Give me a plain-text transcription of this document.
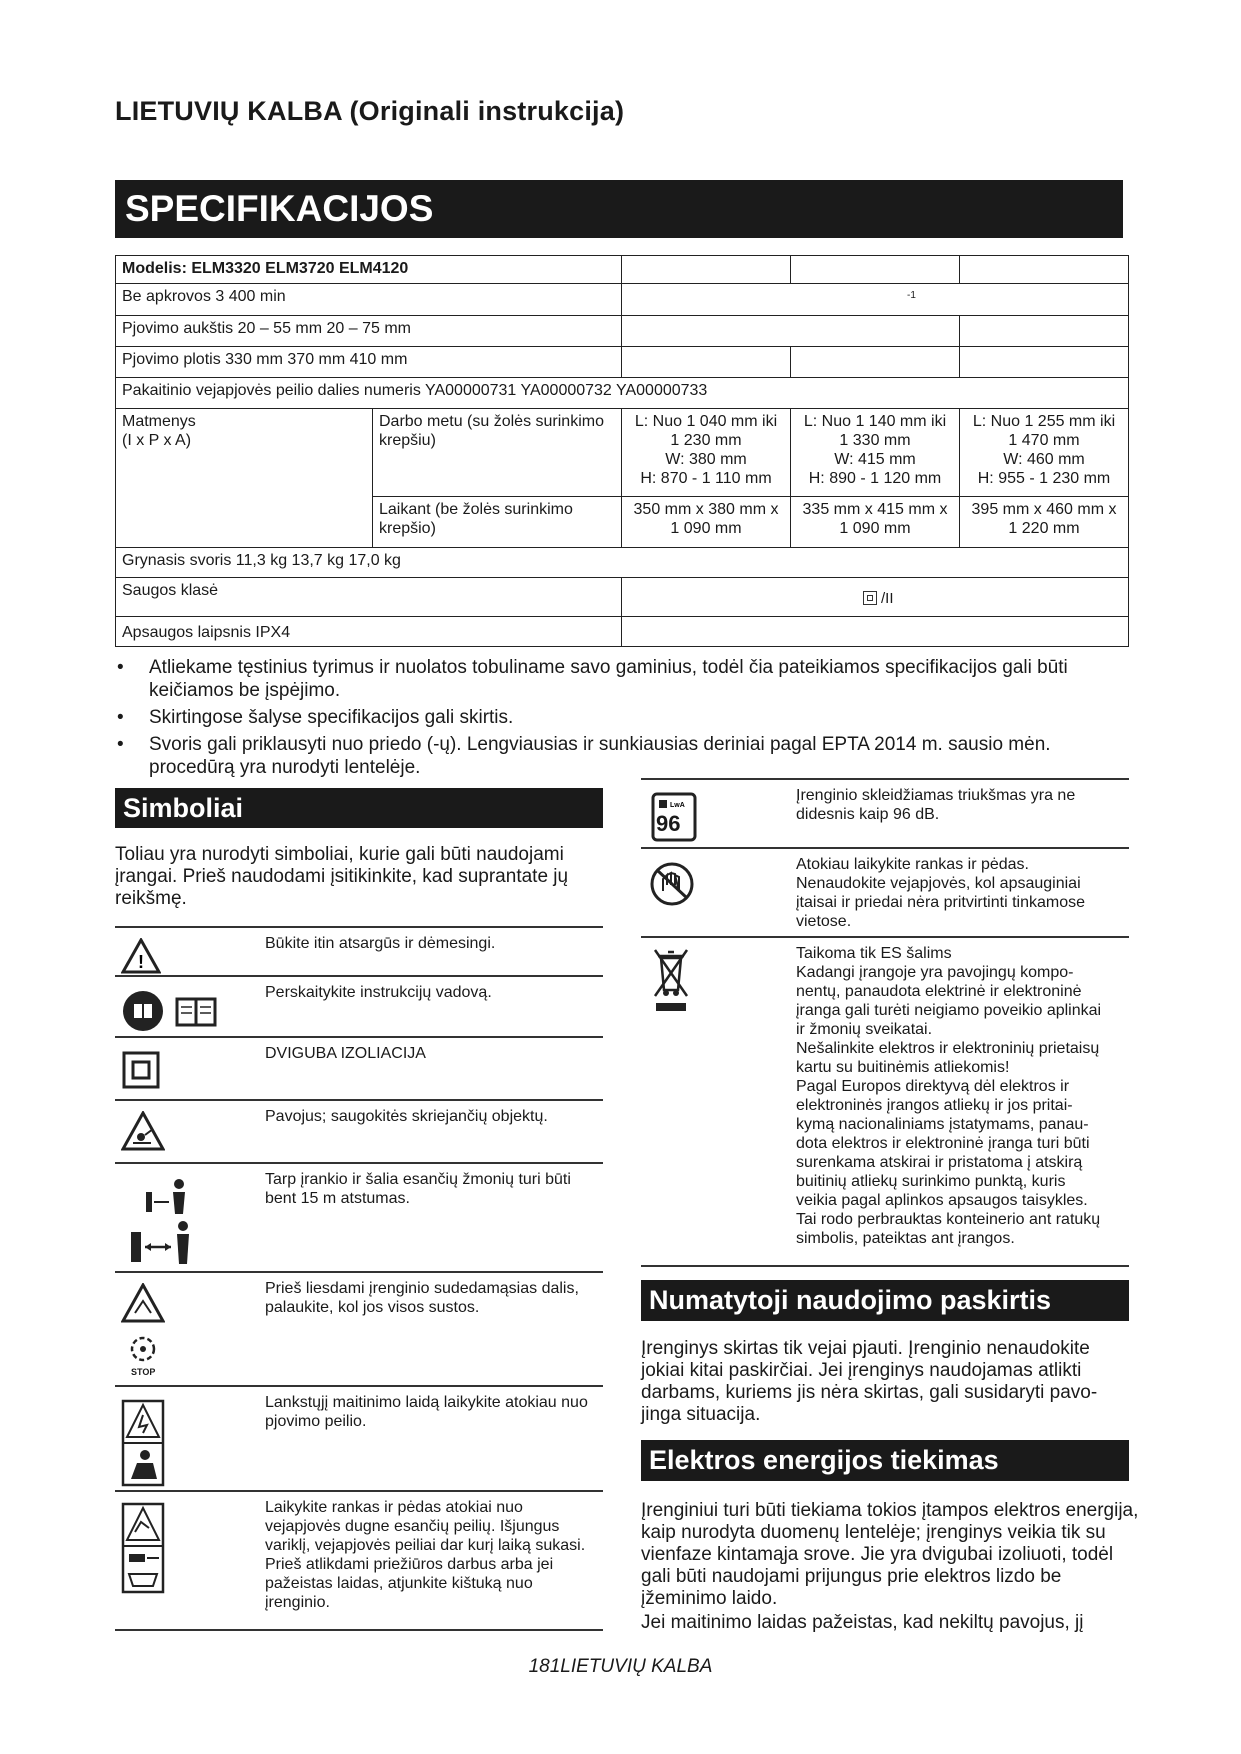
LIETUVIŲ KALBA (Originali instrukcija)
SPECIFIKACIJOS
Modelis: ELM3320 ELM3720 ELM4120
Be apkrovos 3 400 min	-1
Pjovimo aukštis 20 – 55 mm 20 – 75 mm
Pjovimo plotis 330 mm 370 mm 410 mm
Pakaitinio vejapjovės peilio dalies numeris YA00000731 YA00000732 YA00000733
Matmenys
(I x P x A)
Darbo metu (su žolės surinkimo krepšiu)
L: Nuo 1 040 mm iki
1 230 mm
W: 380 mm
H: 870 - 1 110 mm
L: Nuo 1 140 mm iki
1 330 mm
W: 415 mm
H: 890 - 1 120 mm
L: Nuo 1 255 mm iki
1 470 mm
W: 460 mm
H: 955 - 1 230 mm
Laikant (be žolės surinkimo krepšio)
350 mm x 380 mm x
1 090 mm
335 mm x 415 mm x
1 090 mm
395 mm x 460 mm x
1 220 mm
Grynasis svoris 11,3 kg 13,7 kg 17,0 kg
Saugos klasė	/II
Apsaugos laipsnis IPX4
• Atliekame tęstinius tyrimus ir nuolatos tobuliname savo gaminius, todėl čia pateikiamos specifikacijos gali būti keičiamos be įspėjimo.
• Skirtingose šalyse specifikacijos gali skirtis.
• Svoris gali priklausyti nuo priedo (-ų). Lengviausias ir sunkiausias deriniai pagal EPTA 2014 m. sausio mėn. procedūrą yra nurodyti lentelėje.
Simboliai
Toliau yra nurodyti simboliai, kurie gali būti naudojami įrangai. Prieš naudodami įsitikinkite, kad suprantate jų reikšmę.
!
Būkite itin atsargūs ir dėmesingi.
Perskaitykite instrukcijų vadovą.
DVIGUBA IZOLIACIJA
Pavojus; saugokitės skriejančių objektų.
Tarp įrankio ir šalia esančių žmonių turi būti bent 15 m atstumas.
STOP
Prieš liesdami įrenginio sudedamąsias dalis, palaukite, kol jos visos sustos.
Lankstųjį maitinimo laidą laikykite atokiau nuo pjovimo peilio.
Laikykite rankas ir pėdas atokiai nuo vejapjovės dugne esančių peilių. Išjungus variklį, vejapjovės peiliai dar kurį laiką sukasi. Prieš atlikdami priežiūros darbus arba jei pažeistas laidas, atjunkite kištuką nuo įrenginio.
LwA
96
Įrenginio skleidžiamas triukšmas yra ne didesnis kaip 96 dB.
Atokiau laikykite rankas ir pėdas. Nenaudokite vejapjovės, kol apsauginiai įtaisai ir priedai nėra pritvirtinti tinkamose vietose.
Taikoma tik ES šalims
Kadangi įrangoje yra pavojingų kompo-
nentų, panaudota elektrinė ir elektroninė
įranga gali turėti neigiamo poveikio aplinkai
ir žmonių sveikatai.
Nešalinkite elektros ir elektroninių prietaisų
kartu su buitinėmis atliekomis!
Pagal Europos direktyvą dėl elektros ir
elektroninės įrangos atliekų ir jos pritai-
kymą nacionaliniams įstatymams, panau-
dota elektros ir elektroninė įranga turi būti
surenkama atskirai ir pristatoma į atskirą
buitinių atliekų surinkimo punktą, kuris
veikia pagal aplinkos apsaugos taisykles.
Tai rodo perbrauktas konteinerio ant ratukų
simbolis, pateiktas ant įrangos.
Numatytoji naudojimo paskirtis
Įrenginys skirtas tik vejai pjauti. Įrenginio nenaudokite jokiai kitai paskirčiai. Jei įrenginys naudojamas atlikti darbams, kuriems jis nėra skirtas, gali susidaryti pavo-jinga situacija.
Elektros energijos tiekimas
Įrenginiui turi būti tiekiama tokios įtampos elektros energija, kaip nurodyta duomenų lentelėje; įrenginys veikia tik su vienfaze kintamąja srove. Jie yra dvigubai izoliuoti, todėl gali būti naudojami prijungus prie elektros lizdo be įžeminimo laido.
Jei maitinimo laidas pažeistas, kad nekiltų pavojus, jį
181LIETUVIŲ KALBA
